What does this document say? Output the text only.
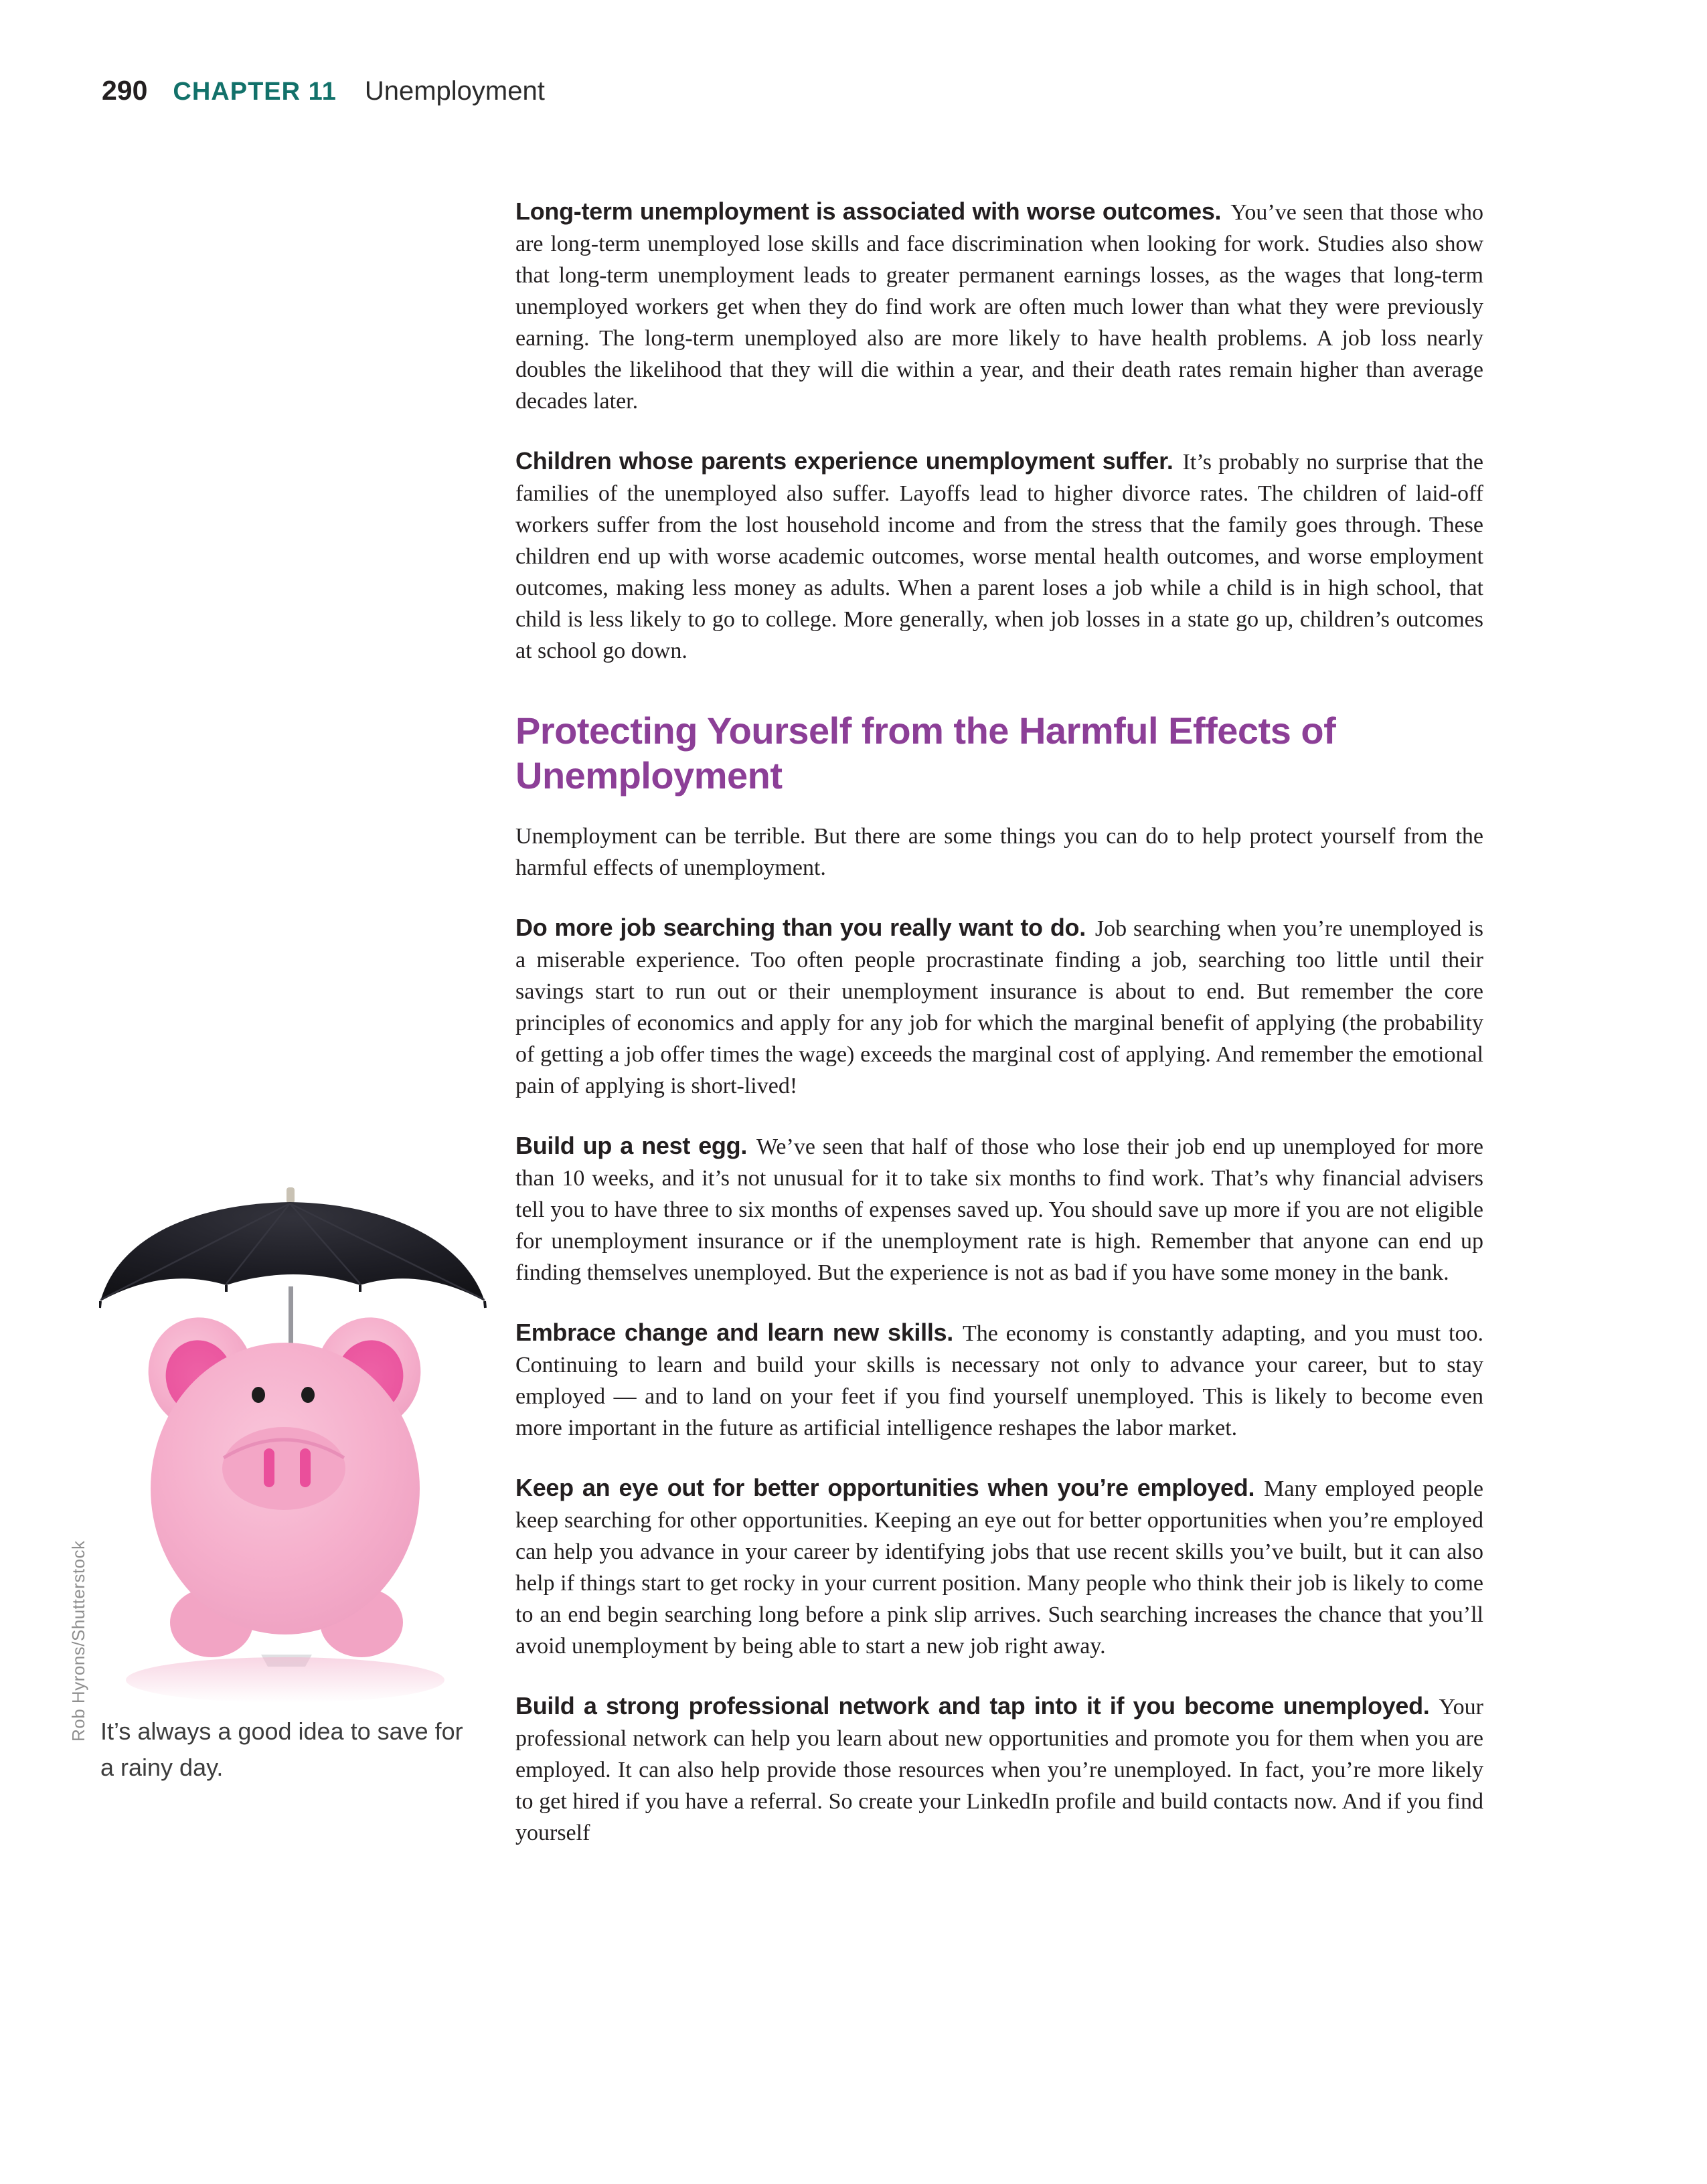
290 CHAPTER 11 Unemployment

Long-term unemployment is associated with worse outcomes. You’ve seen that those who are long-term unemployed lose skills and face discrimination when looking for work. Studies also show that long-term unemployment leads to greater permanent earnings losses, as the wages that long-term unemployed workers get when they do find work are often much lower than what they were previously earning. The long-term unemployed also are more likely to have health problems. A job loss nearly doubles the likelihood that they will die within a year, and their death rates remain higher than average decades later.

Children whose parents experience unemployment suffer. It’s probably no surprise that the families of the unemployed also suffer. Layoffs lead to higher divorce rates. The children of laid-off workers suffer from the lost household income and from the stress that the family goes through. These children end up with worse academic outcomes, worse mental health outcomes, and worse employment outcomes, making less money as adults. When a parent loses a job while a child is in high school, that child is less likely to go to college. More generally, when job losses in a state go up, children’s outcomes at school go down.

Protecting Yourself from the Harmful Effects of Unemployment

Unemployment can be terrible. But there are some things you can do to help protect yourself from the harmful effects of unemployment.

Do more job searching than you really want to do. Job searching when you’re unemployed is a miserable experience. Too often people procrastinate finding a job, searching too little until their savings start to run out or their unemployment insurance is about to end. But remember the core principles of economics and apply for any job for which the marginal benefit of applying (the probability of getting a job offer times the wage) exceeds the marginal cost of applying. And remember the emotional pain of applying is short-lived!

Build up a nest egg. We’ve seen that half of those who lose their job end up unemployed for more than 10 weeks, and it’s not unusual for it to take six months to find work. That’s why financial advisers tell you to have three to six months of expenses saved up. You should save up more if you are not eligible for unemployment insurance or if the unemployment rate is high. Remember that anyone can end up finding themselves unemployed. But the experience is not as bad if you have some money in the bank.

Embrace change and learn new skills. The economy is constantly adapting, and you must too. Continuing to learn and build your skills is necessary not only to advance your career, but to stay employed — and to land on your feet if you find yourself unemployed. This is likely to become even more important in the future as artificial intelligence reshapes the labor market.

Keep an eye out for better opportunities when you’re employed. Many employed people keep searching for other opportunities. Keeping an eye out for better opportunities when you’re employed can help you advance in your career by identifying jobs that use recent skills you’ve built, but it can also help if things start to get rocky in your current position. Many people who think their job is likely to come to an end begin searching long before a pink slip arrives. Such searching increases the chance that you’ll avoid unemployment by being able to start a new job right away.

Build a strong professional network and tap into it if you become unemployed. Your professional network can help you learn about new opportunities and promote you for them when you are employed. It can also help provide those resources when you’re unemployed. In fact, you’re more likely to get hired if you have a referral. So create your LinkedIn profile and build contacts now. And if you find yourself

Rob Hyrons/Shutterstock It’s always a good idea to save for a rainy day.
